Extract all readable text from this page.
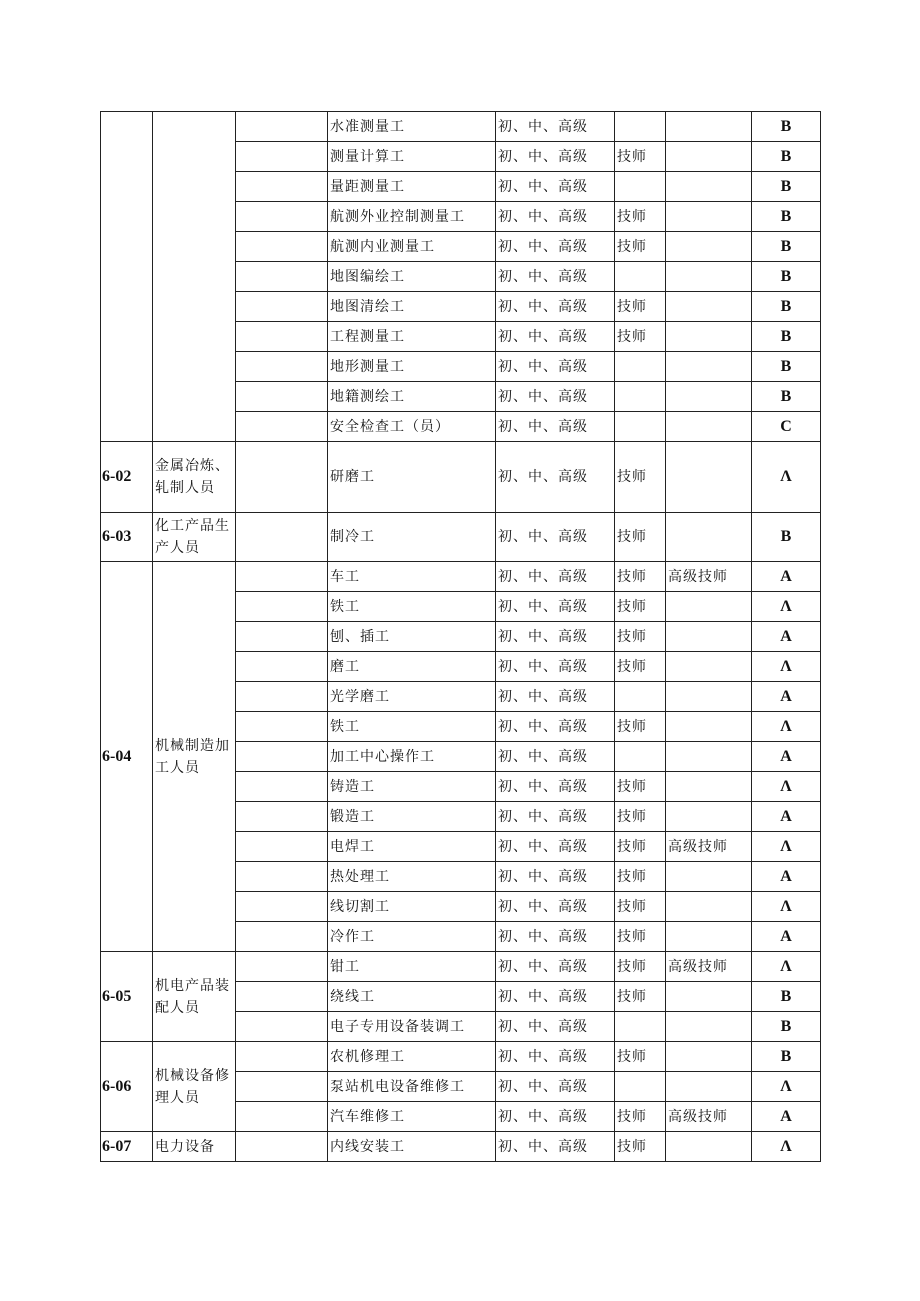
			水准测量工	初、中、高级			B
			测量计算工	初、中、高级	技师		B
			量距测量工	初、中、高级			B
			航测外业控制测量工	初、中、高级	技师		B
			航测内业测量工	初、中、高级	技师		B
			地图编绘工	初、中、高级			B
			地图清绘工	初、中、高级	技师		B
			工程测量工	初、中、高级	技师		B
			地形测量工	初、中、高级			B
			地籍测绘工	初、中、高级			B
			安全检查工（员）	初、中、高级			C
6-02	金属冶炼、轧制人员		研磨工	初、中、高级	技师		Λ
6-03	化工产品生产人员		制冷工	初、中、高级	技师		B
6-04	机械制造加工人员		车工	初、中、高级	技师	高级技师	A
			铁工	初、中、高级	技师		Λ
			刨、插工	初、中、高级	技师		A
			磨工	初、中、高级	技师		Λ
			光学磨工	初、中、高级			A
			铁工	初、中、高级	技师		Λ
			加工中心操作工	初、中、高级			A
			铸造工	初、中、高级	技师		Λ
			锻造工	初、中、高级	技师		A
			电焊工	初、中、高级	技师	高级技师	Λ
			热处理工	初、中、高级	技师		A
			线切割工	初、中、高级	技师		Λ
			冷作工	初、中、高级	技师		A
6-05	机电产品装配人员		钳工	初、中、高级	技师	高级技师	Λ
			绕线工	初、中、高级	技师		B
			电子专用设备装调工	初、中、高级			B
6-06	机械设备修理人员		农机修理工	初、中、高级	技师		B
			泵站机电设备维修工	初、中、高级			Λ
			汽车维修工	初、中、高级	技师	高级技师	A
6-07	电力设备		内线安装工	初、中、高级	技师		Λ
